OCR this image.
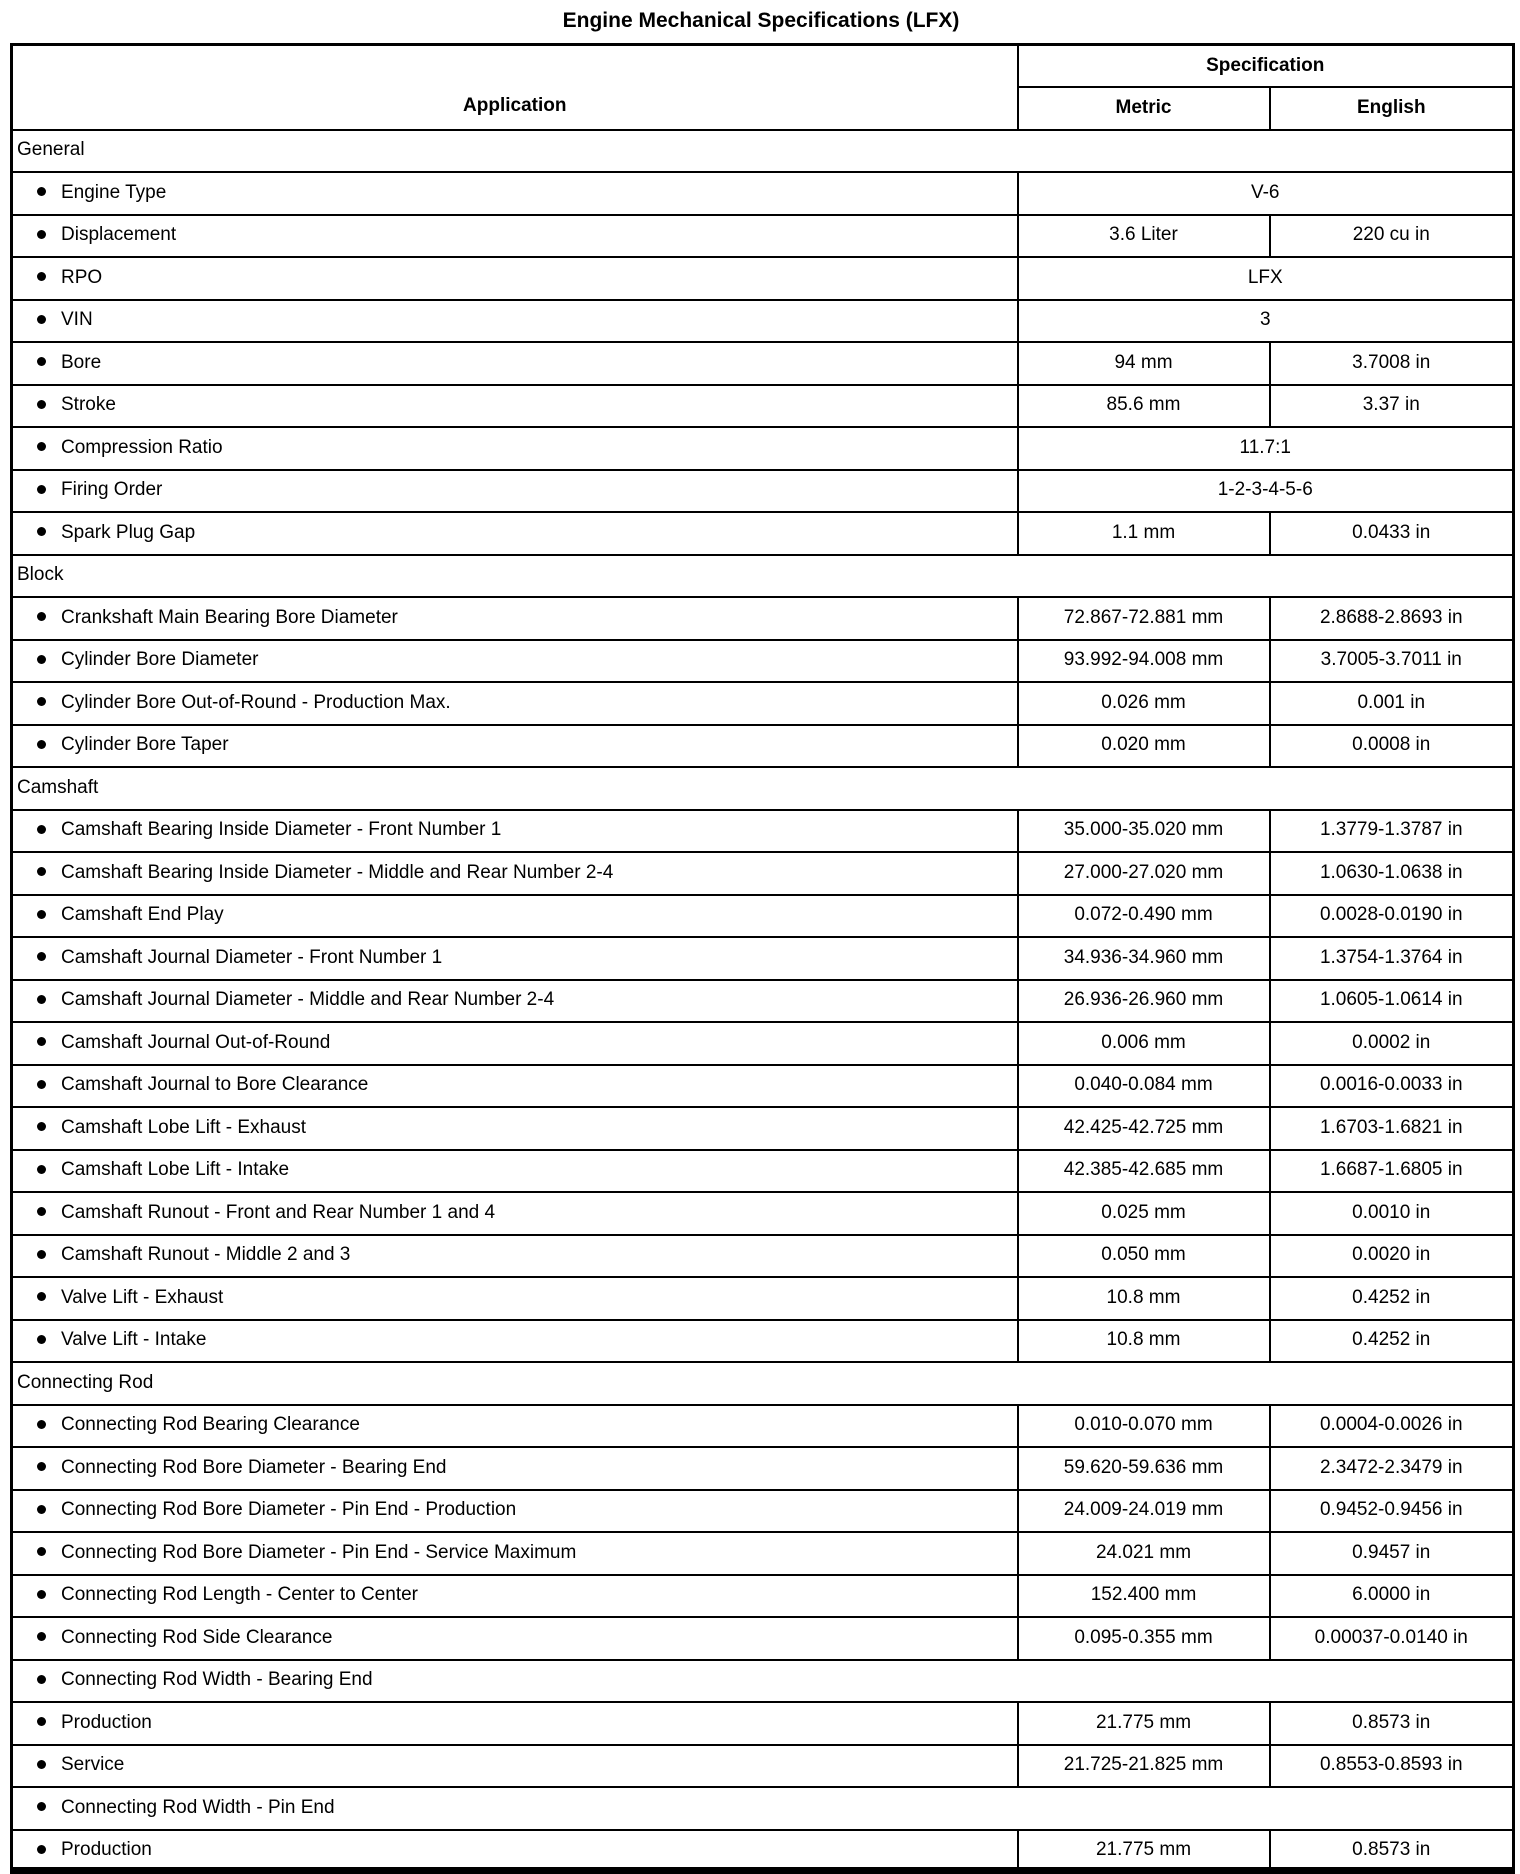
Engine Mechanical Specifications (LFX)
Application	Specification	
	Metric	English
General		
Engine Type	V-6	
Displacement	3.6 Liter	220 cu in
RPO	LFX	
VIN	3	
Bore	94 mm	3.7008 in
Stroke	85.6 mm	3.37 in
Compression Ratio	11.7:1	
Firing Order	1-2-3-4-5-6	
Spark Plug Gap	1.1 mm	0.0433 in
Block		
Crankshaft Main Bearing Bore Diameter	72.867-72.881 mm	2.8688-2.8693 in
Cylinder Bore Diameter	93.992-94.008 mm	3.7005-3.7011 in
Cylinder Bore Out-of-Round - Production Max.	0.026 mm	0.001 in
Cylinder Bore Taper	0.020 mm	0.0008 in
Camshaft		
Camshaft Bearing Inside Diameter - Front Number 1	35.000-35.020 mm	1.3779-1.3787 in
Camshaft Bearing Inside Diameter - Middle and Rear Number 2-4	27.000-27.020 mm	1.0630-1.0638 in
Camshaft End Play	0.072-0.490 mm	0.0028-0.0190 in
Camshaft Journal Diameter - Front Number 1	34.936-34.960 mm	1.3754-1.3764 in
Camshaft Journal Diameter - Middle and Rear Number 2-4	26.936-26.960 mm	1.0605-1.0614 in
Camshaft Journal Out-of-Round	0.006 mm	0.0002 in
Camshaft Journal to Bore Clearance	0.040-0.084 mm	0.0016-0.0033 in
Camshaft Lobe Lift - Exhaust	42.425-42.725 mm	1.6703-1.6821 in
Camshaft Lobe Lift - Intake	42.385-42.685 mm	1.6687-1.6805 in
Camshaft Runout - Front and Rear Number 1 and 4	0.025 mm	0.0010 in
Camshaft Runout - Middle 2 and 3	0.050 mm	0.0020 in
Valve Lift - Exhaust	10.8 mm	0.4252 in
Valve Lift - Intake	10.8 mm	0.4252 in
Connecting Rod		
Connecting Rod Bearing Clearance	0.010-0.070 mm	0.0004-0.0026 in
Connecting Rod Bore Diameter - Bearing End	59.620-59.636 mm	2.3472-2.3479 in
Connecting Rod Bore Diameter - Pin End - Production	24.009-24.019 mm	0.9452-0.9456 in
Connecting Rod Bore Diameter - Pin End - Service Maximum	24.021 mm	0.9457 in
Connecting Rod Length - Center to Center	152.400 mm	6.0000 in
Connecting Rod Side Clearance	0.095-0.355 mm	0.00037-0.0140 in
Connecting Rod Width - Bearing End		
Production	21.775 mm	0.8573 in
Service	21.725-21.825 mm	0.8553-0.8593 in
Connecting Rod Width - Pin End		
Production	21.775 mm	0.8573 in
